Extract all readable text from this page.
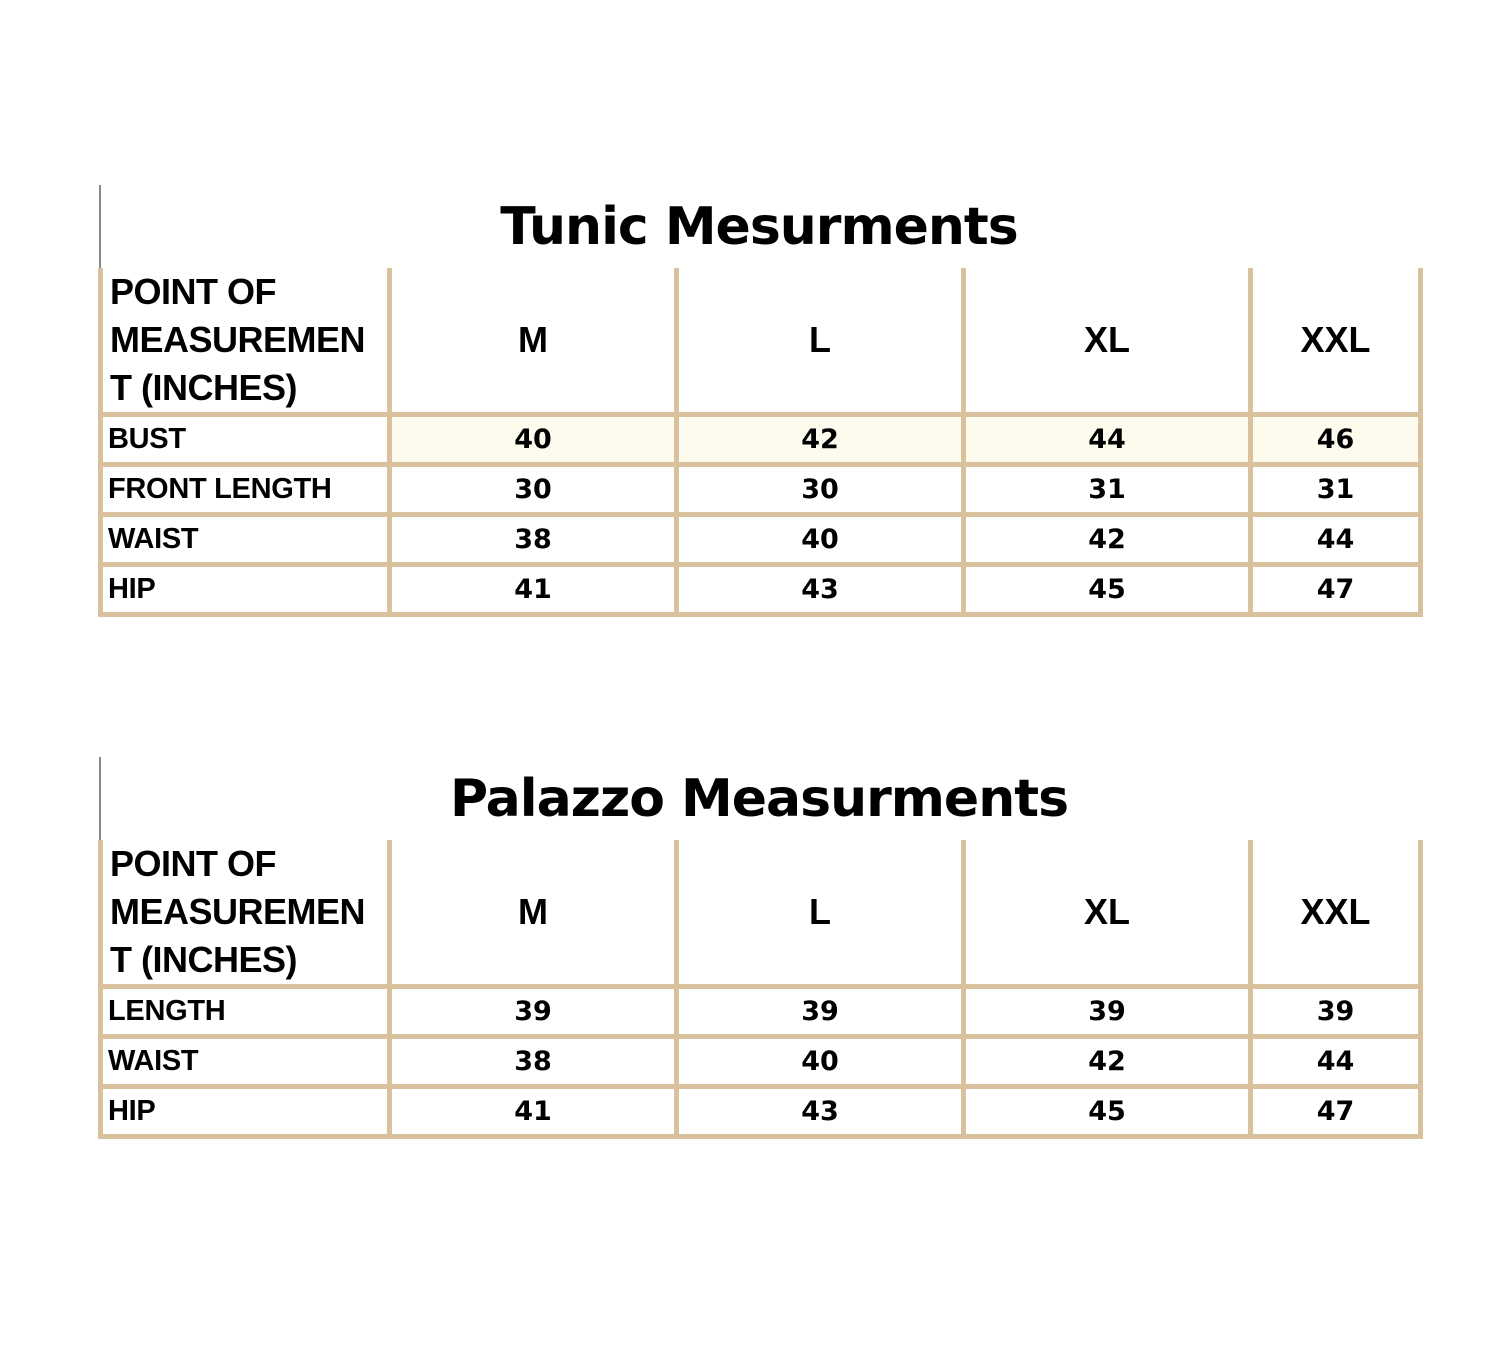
Tunic Mesurments
POINT OF
MEASUREMEN
T (INCHES)	M	L	XL	XXL
BUST	40	42	44	46
FRONT LENGTH	30	30	31	31
WAIST	38	40	42	44
HIP	41	43	45	47
Palazzo Measurments
POINT OF
MEASUREMEN
T (INCHES)	M	L	XL	XXL
LENGTH	39	39	39	39
WAIST	38	40	42	44
HIP	41	43	45	47
